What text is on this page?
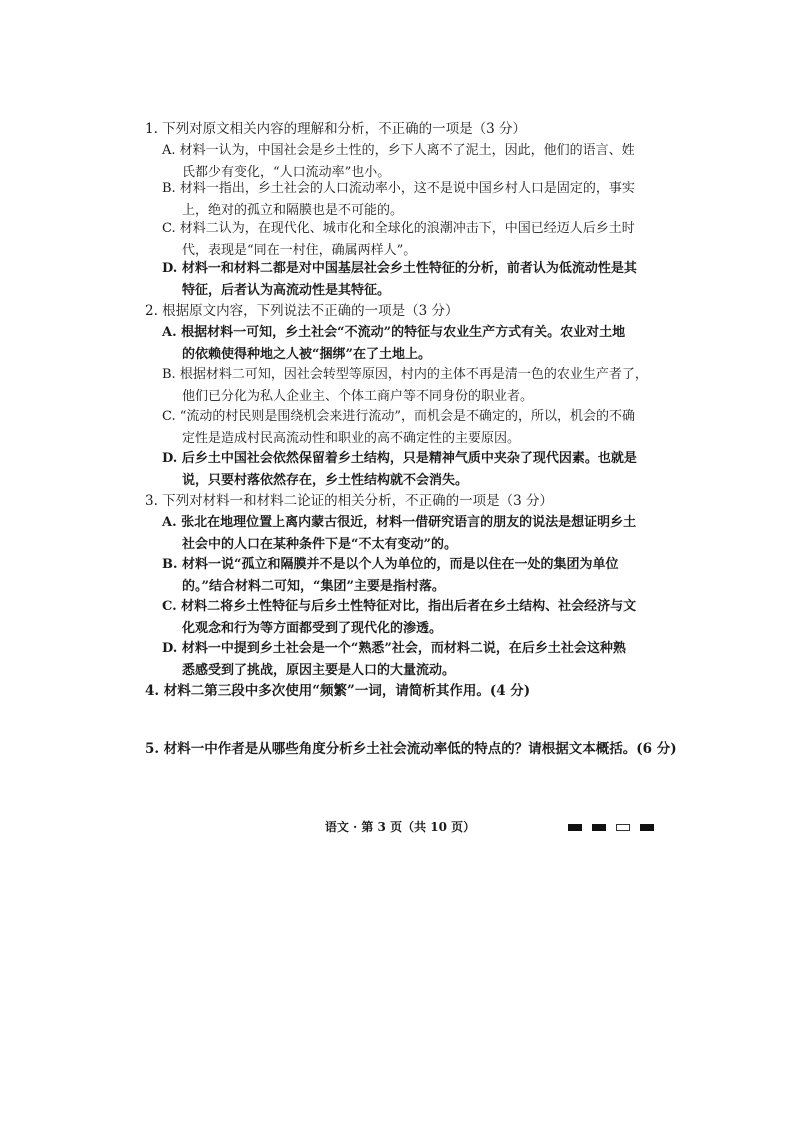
1. 下列对原文相关内容的理解和分析，不正确的一项是（3 分）
A. 材料一认为，中国社会是乡土性的，乡下人离不了泥土，因此，他们的语言、姓
氏都少有变化，“人口流动率”也小。
B. 材料一指出，乡土社会的人口流动率小，这不是说中国乡村人口是固定的，事实
上，绝对的孤立和隔膜也是不可能的。
C. 材料二认为，在现代化、城市化和全球化的浪潮冲击下，中国已经迈人后乡土时
代，表现是“同在一村住，确属两样人”。
D. 材料一和材料二都是对中国基层社会乡土性特征的分析，前者认为低流动性是其
特征，后者认为高流动性是其特征。
2. 根据原文内容，下列说法不正确的一项是（3 分）
A. 根据材料一可知，乡土社会“不流动”的特征与农业生产方式有关。农业对土地
的依赖使得种地之人被“捆绑”在了土地上。
B. 根据材料二可知，因社会转型等原因，村内的主体不再是清一色的农业生产者了，
他们已分化为私人企业主、个体工商户等不同身份的职业者。
C. “流动的村民则是围绕机会来进行流动”，而机会是不确定的，所以，机会的不确
定性是造成村民高流动性和职业的高不确定性的主要原因。
D. 后乡土中国社会依然保留着乡土结构，只是精神气质中夹杂了现代因素。也就是
说，只要村落依然存在，乡土性结构就不会消失。
3. 下列对材料一和材料二论证的相关分析，不正确的一项是（3 分）
A. 张北在地理位置上离内蒙古很近，材料一借研究语言的朋友的说法是想证明乡土
社会中的人口在某种条件下是“不太有变动”的。
B. 材料一说“孤立和隔膜并不是以个人为单位的，而是以住在一处的集团为单位
的。”结合材料二可知，“集团”主要是指村落。
C. 材料二将乡土性特征与后乡土性特征对比，指出后者在乡土结构、社会经济与文
化观念和行为等方面都受到了现代化的渗透。
D. 材料一中提到乡土社会是一个“熟悉”社会，而材料二说，在后乡土社会这种熟
悉感受到了挑战，原因主要是人口的大量流动。
4. 材料二第三段中多次使用“频繁”一词，请简析其作用。(4 分)
5. 材料一中作者是从哪些角度分析乡土社会流动率低的特点的？请根据文本概括。(6 分)
语文 · 第 3 页（共 10 页）
